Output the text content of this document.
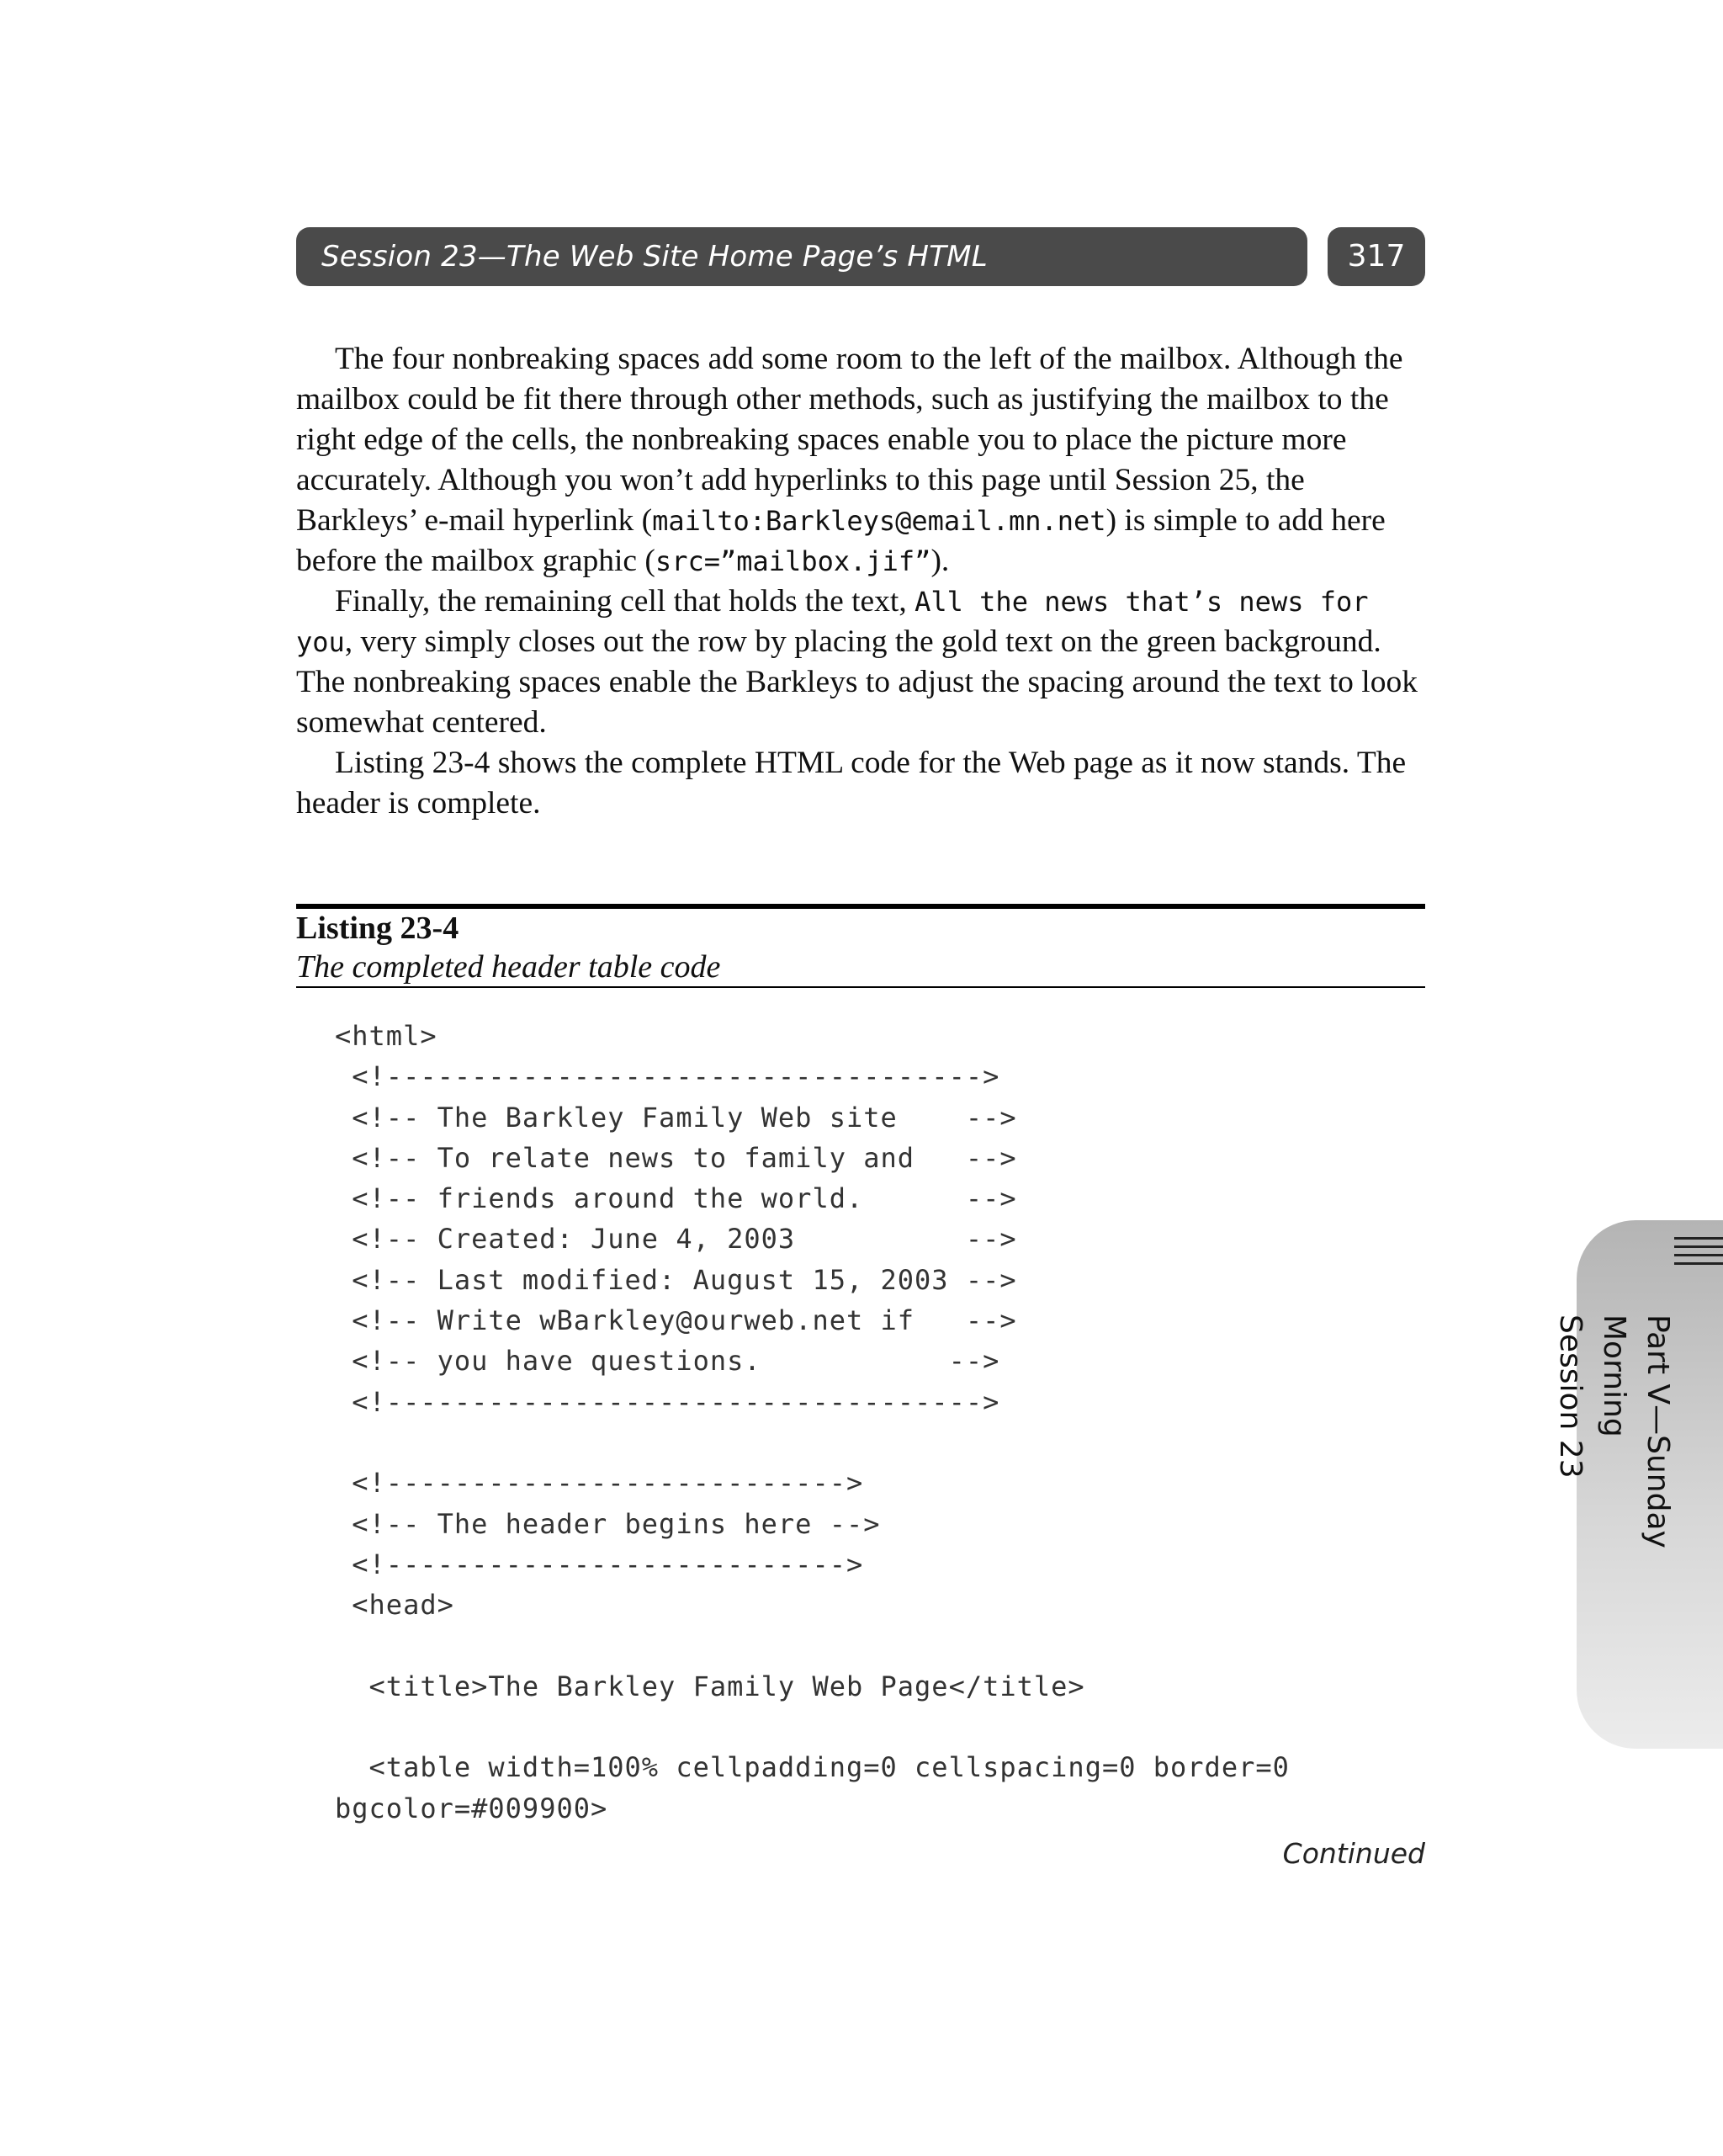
Session 23—The Web Site Home Page’s HTML	317

The four nonbreaking spaces add some room to the left of the mailbox. Although the mailbox could be fit there through other methods, such as justifying the mailbox to the right edge of the cells, the nonbreaking spaces enable you to place the picture more accurately. Although you won’t add hyperlinks to this page until Session 25, the Barkleys’ e-mail hyperlink (mailto:Barkleys@email.mn.net) is simple to add here before the mailbox graphic (src=”mailbox.jif”).

Finally, the remaining cell that holds the text, All the news that’s news for you, very simply closes out the row by placing the gold text on the green background. The nonbreaking spaces enable the Barkleys to adjust the spacing around the text to look somewhat centered.

Listing 23-4 shows the complete HTML code for the Web page as it now stands. The header is complete.

Listing 23-4
The completed header table code
<html>
<!----------------------------------->
<!-- The Barkley Family Web site    -->
<!-- To relate news to family and   -->
<!-- friends around the world.      -->
<!-- Created: June 4, 2003          -->
<!-- Last modified: August 15, 2003 -->
<!-- Write wBarkley@ourweb.net if   -->
<!-- you have questions.           -->
<!----------------------------------->

<!--------------------------->
<!-- The header begins here -->
<!--------------------------->
<head>

<title>The Barkley Family Web Page</title>

<table width=100% cellpadding=0 cellspacing=0 border=0
bgcolor=#009900>
Continued
Part V—Sunday Morning
Session 23
